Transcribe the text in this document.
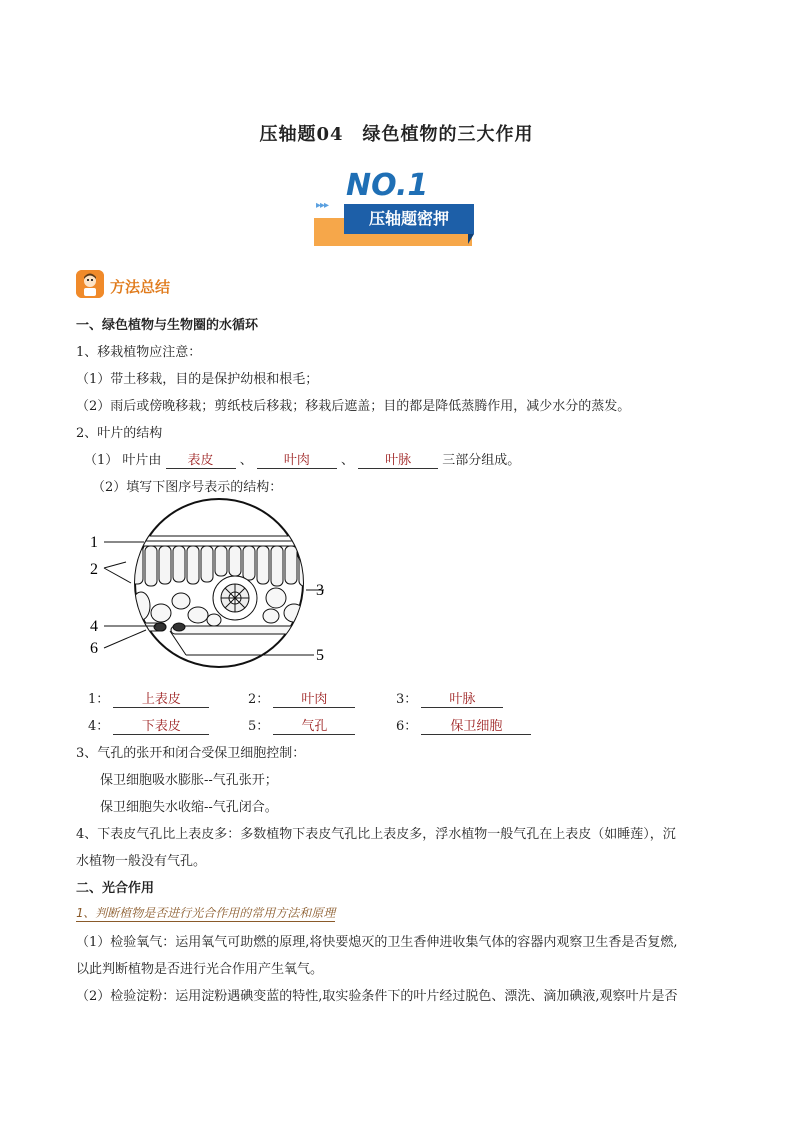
压轴题04　绿色植物的三大作用
NO.1
▸▸▸
压轴题密押
方法总结
一、绿色植物与生物圈的水循环
1、移栽植物应注意：
（1）带土移栽，目的是保护幼根和根毛；
（2）雨后或傍晚移栽；剪纸枝后移栽；移栽后遮盖；目的都是降低蒸腾作用，减少水分的蒸发。
2、叶片的结构
（1） 叶片由 表皮 、 叶肉 、 叶脉 三部分组成。
（2）填写下图序号表示的结构：
1
2
3
4
5
6
1：	上表皮	2： 叶肉	3： 叶脉
4：	下表皮	5： 气孔	6：	保卫细胞
3、气孔的张开和闭合受保卫细胞控制：
保卫细胞吸水膨胀--气孔张开；
保卫细胞失水收缩--气孔闭合。
4、下表皮气孔比上表皮多：多数植物下表皮气孔比上表皮多，浮水植物一般气孔在上表皮（如睡莲），沉
水植物一般没有气孔。
二、光合作用
1、判断植物是否进行光合作用的常用方法和原理
（1）检验氧气：运用氧气可助燃的原理,将快要熄灭的卫生香伸进收集气体的容器内观察卫生香是否复燃,
以此判断植物是否进行光合作用产生氧气。
（2）检验淀粉：运用淀粉遇碘变蓝的特性,取实验条件下的叶片经过脱色、漂洗、滴加碘液,观察叶片是否
